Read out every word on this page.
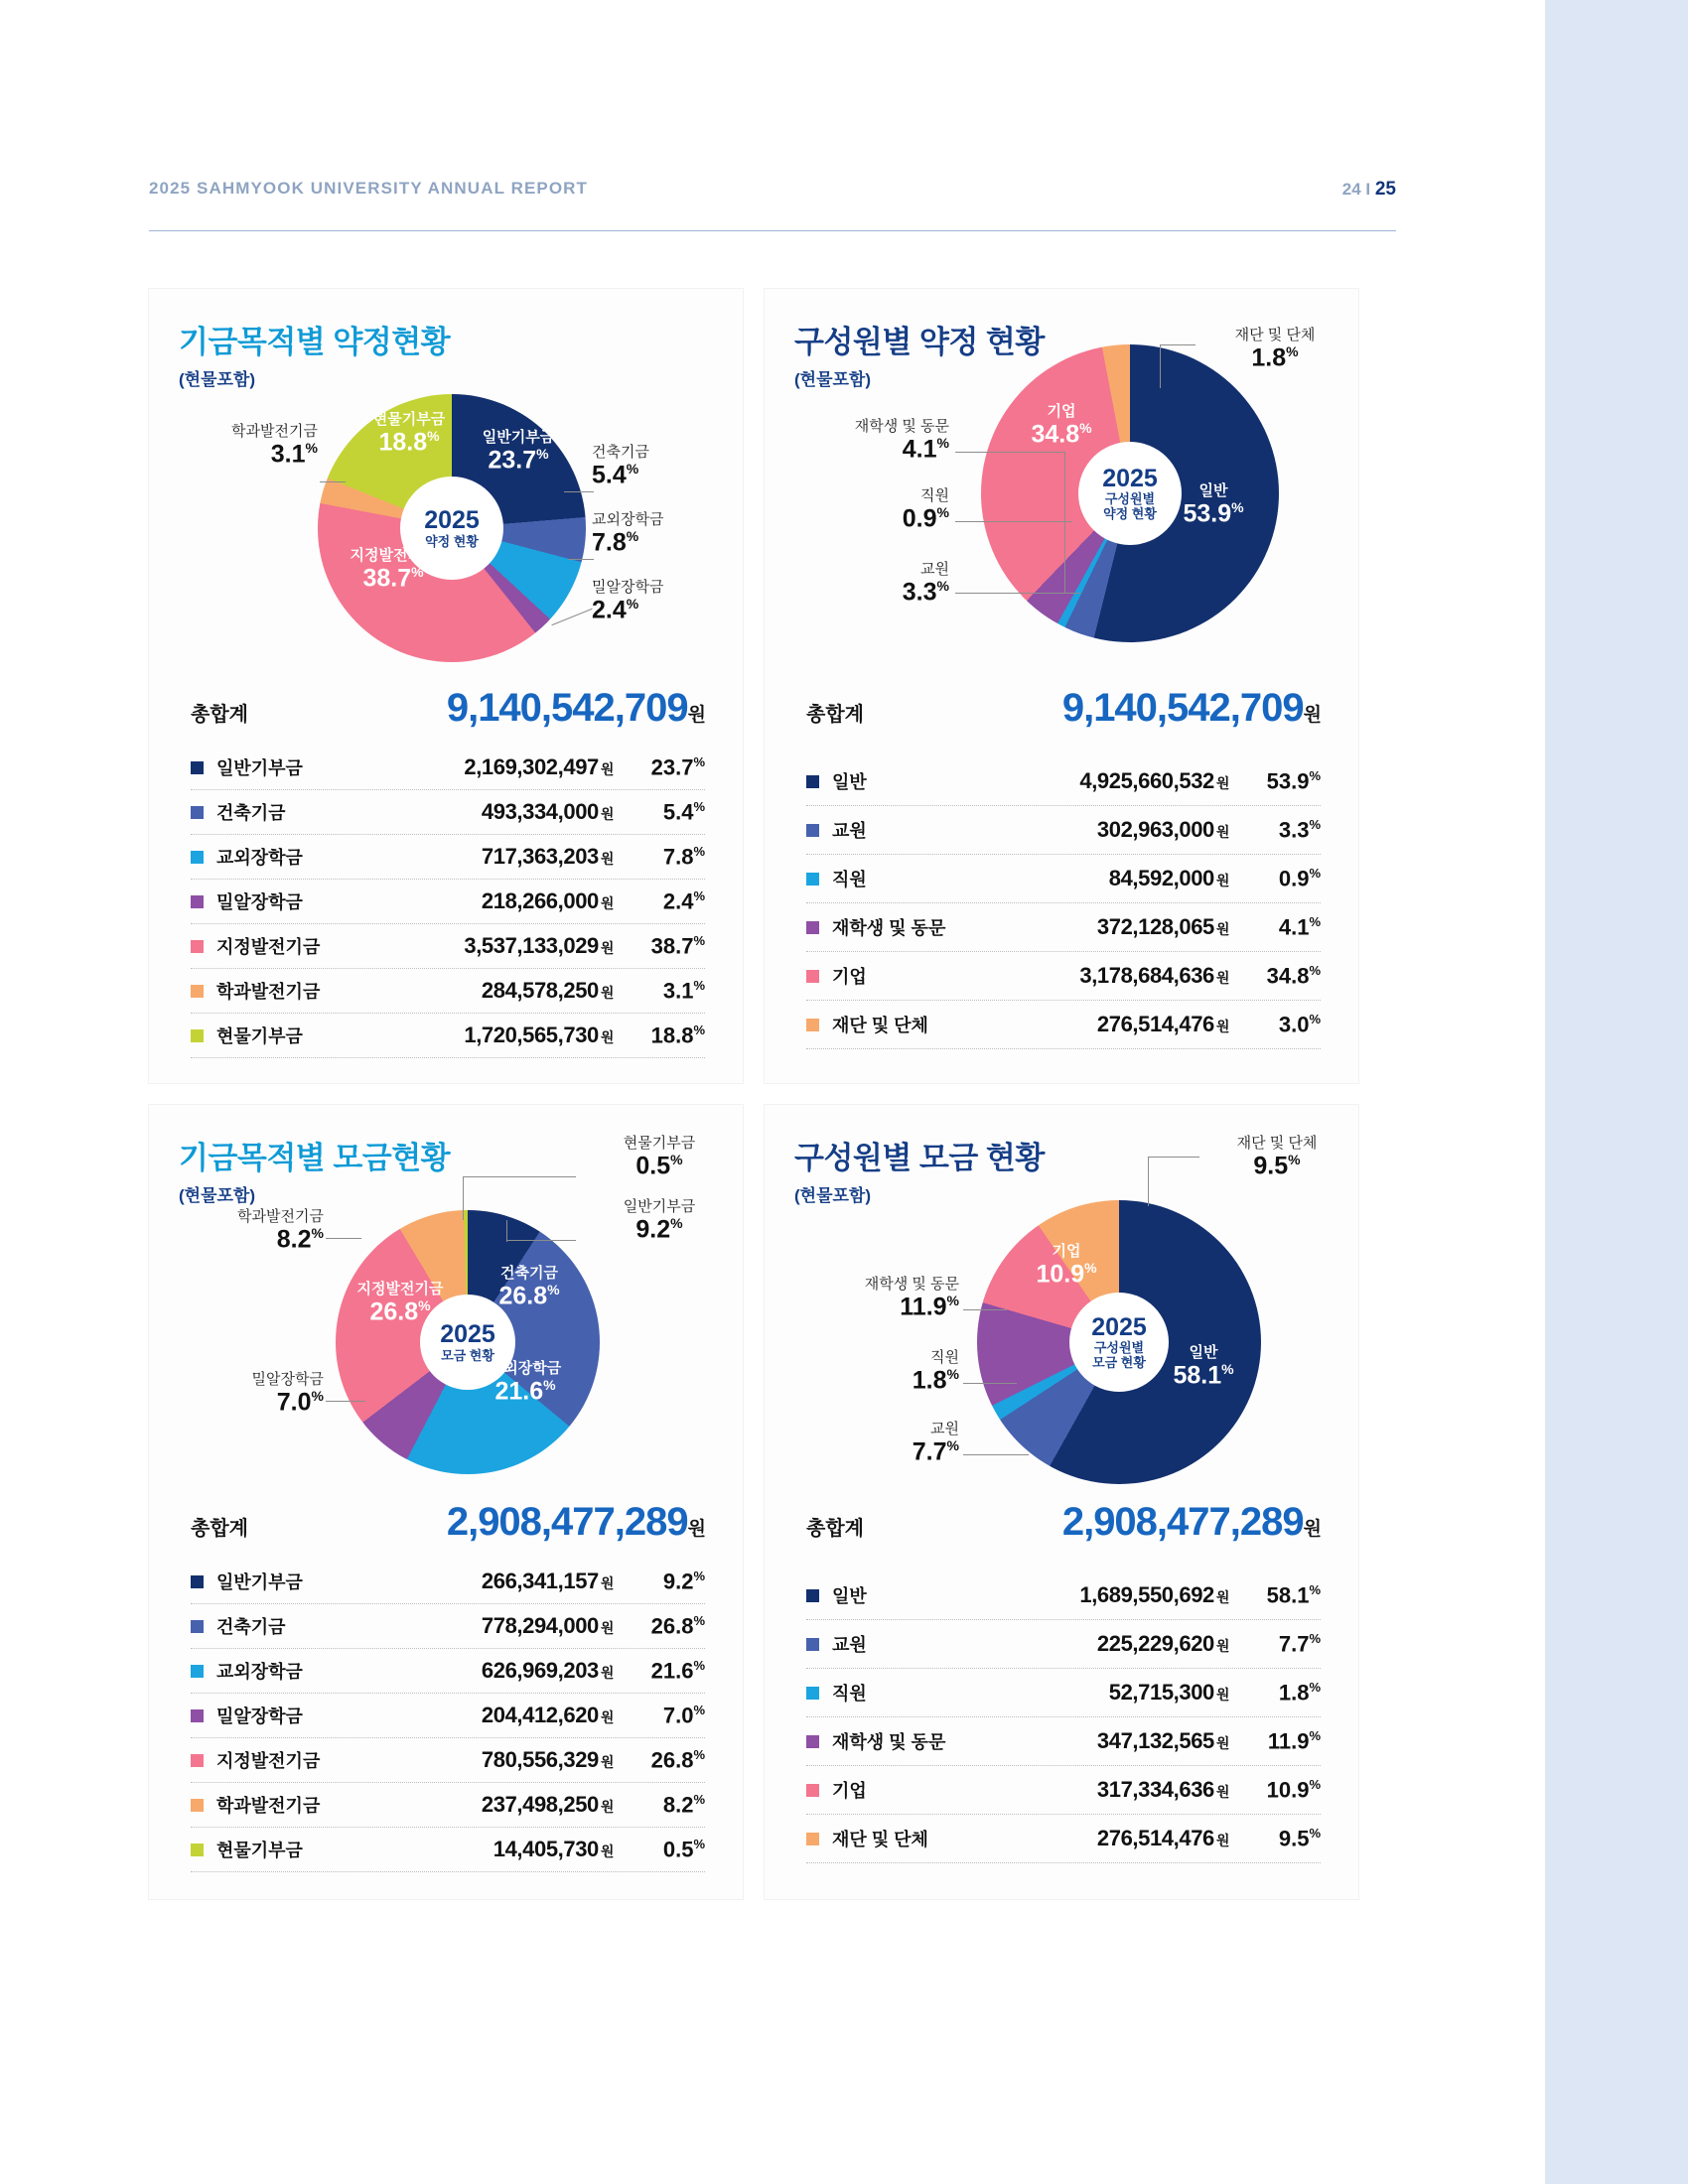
2025 SAHMYOOK UNIVERSITY ANNUAL REPORT	24 I 25
기금목적별 약정현황
(현물포함)
2025
약정 현황
일반기부금
23.7%
지정발전기금
38.7%
현물기부금
18.8%
학과발전기금
3.1%	건축기금
5.4%
교외장학금
7.8%
밀알장학금
2.4%
총합계	9,140,542,709원
일반기부금	2,169,302,497 원	23.7%
건축기금	493,334,000 원	5.4%
교외장학금	717,363,203 원	7.8%
밀알장학금	218,266,000 원	2.4%
지정발전기금	3,537,133,029 원	38.7%
학과발전기금	284,578,250 원	3.1%
현물기부금	1,720,565,730 원	18.8%
구성원별 약정 현황
(현물포함)
2025
구성원별
약정 현황
일반
53.9%
기업
34.8%
재단 및 단체
1.8%
재학생 및 동문
4.1%
직원
0.9%
교원
3.3%
총합계	9,140,542,709원
일반	4,925,660,532 원	53.9%
교원	302,963,000 원	3.3%
직원	84,592,000 원	0.9%
재학생 및 동문	372,128,065 원	4.1%
기업	3,178,684,636 원	34.8%
재단 및 단체	276,514,476 원	3.0%
기금목적별 모금현황
(현물포함)
2025
모금 현황
건축기금
26.8%
교외장학금
21.6%
지정발전기금
26.8%
현물기부금
0.5%
일반기부금
9.2%
학과발전기금
8.2%
밀알장학금
7.0%
총합계	2,908,477,289원
일반기부금	266,341,157 원	9.2%
건축기금	778,294,000 원	26.8%
교외장학금	626,969,203 원	21.6%
밀알장학금	204,412,620 원	7.0%
지정발전기금	780,556,329 원	26.8%
학과발전기금	237,498,250 원	8.2%
현물기부금	14,405,730 원	0.5%
구성원별 모금 현황
(현물포함)
2025
구성원별
모금 현황
일반
58.1%
기업
10.9%
재단 및 단체
9.5%
재학생 및 동문
11.9%
직원
1.8%
교원
7.7%
총합계	2,908,477,289원
일반	1,689,550,692 원	58.1%
교원	225,229,620 원	7.7%
직원	52,715,300 원	1.8%
재학생 및 동문	347,132,565 원	11.9%
기업	317,334,636 원	10.9%
재단 및 단체	276,514,476 원	9.5%
